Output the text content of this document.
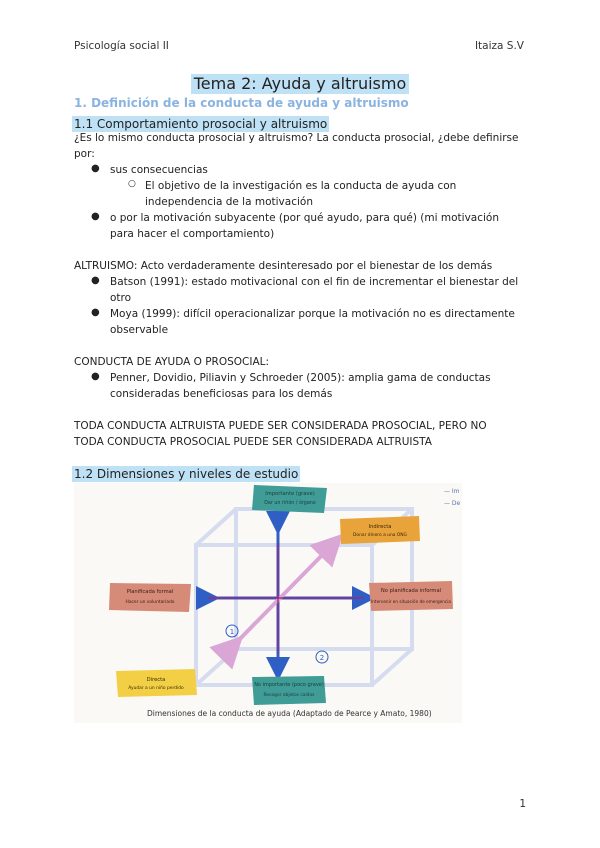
Psicología social II	Itaiza S.V
Tema 2: Ayuda y altruismo
1. Definición de la conducta de ayuda y altruismo
1.1 Comportamiento prosocial y altruismo
¿Es lo mismo conducta prosocial y altruismo? La conducta prosocial, ¿debe definirse
por:
● sus consecuencias
○ El objetivo de la investigación es la conducta de ayuda con
independencia de la motivación
● o por la motivación subyacente (por qué ayudo, para qué) (mi motivación
para hacer el comportamiento)
ALTRUISMO: Acto verdaderamente desinteresado por el bienestar de los demás
● Batson (1991): estado motivacional con el fin de incrementar el bienestar del
otro
● Moya (1999): difícil operacionalizar porque la motivación no es directamente
observable
CONDUCTA DE AYUDA O PROSOCIAL:
● Penner, Dovidio, Piliavin y Schroeder (2005): amplia gama de conductas
consideradas beneficiosas para los demás
TODA CONDUCTA ALTRUISTA PUEDE SER CONSIDERADA PROSOCIAL, PERO NO
TODA CONDUCTA PROSOCIAL PUEDE SER CONSIDERADA ALTRUISTA
1.2 Dimensiones y niveles de estudio
1
2
— Im
— De
Importante (grave)
Dar un riñón / órgano
Indirecta
Donar dinero a una ONG
Planificada formal
Hacer un voluntariado
No planificada informal
Intervenir en situación de emergencia
Directa
Ayudar a un niño perdido
No importante (poco grave)
Recoger objetos caídos
Dimensiones de la conducta de ayuda (Adaptado de Pearce y Amato, 1980)
1
